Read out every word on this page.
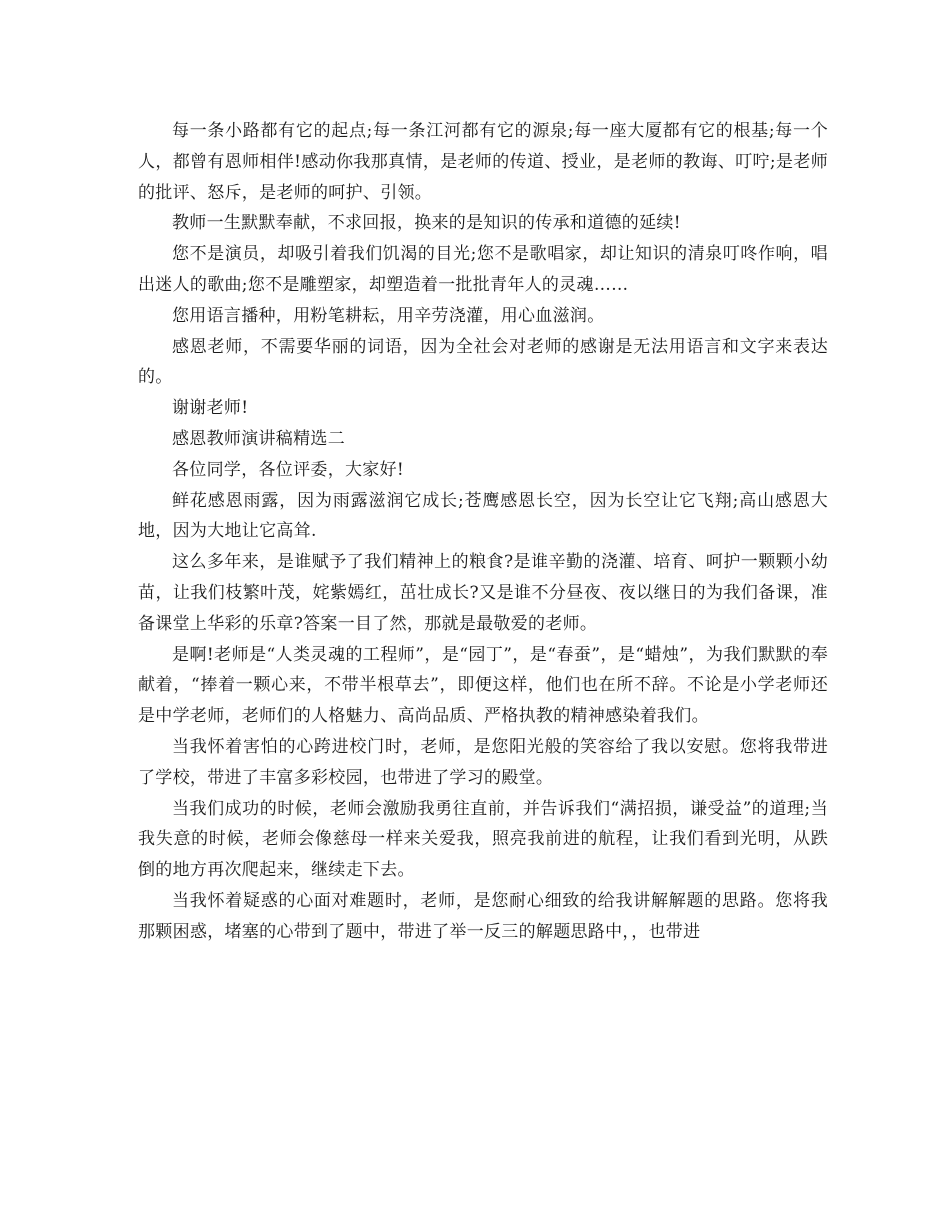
每一条小路都有它的起点;每一条江河都有它的源泉;每一座大厦都有它的根基;每一个人，都曾有恩师相伴!感动你我那真情，是老师的传道、授业，是老师的教诲、叮咛;是老师的批评、怒斥，是老师的呵护、引领。

教师一生默默奉献，不求回报，换来的是知识的传承和道德的延续!

您不是演员，却吸引着我们饥渴的目光;您不是歌唱家，却让知识的清泉叮咚作响，唱出迷人的歌曲;您不是雕塑家，却塑造着一批批青年人的灵魂……

您用语言播种，用粉笔耕耘，用辛劳浇灌，用心血滋润。

感恩老师，不需要华丽的词语，因为全社会对老师的感谢是无法用语言和文字来表达的。

谢谢老师!

感恩教师演讲稿精选二

各位同学，各位评委，大家好!

鲜花感恩雨露，因为雨露滋润它成长;苍鹰感恩长空，因为长空让它飞翔;高山感恩大地，因为大地让它高耸.

这么多年来，是谁赋予了我们精神上的粮食?是谁辛勤的浇灌、培育、呵护一颗颗小幼苗，让我们枝繁叶茂，姹紫嫣红，茁壮成长?又是谁不分昼夜、夜以继日的为我们备课，准备课堂上华彩的乐章?答案一目了然，那就是最敬爱的老师。

是啊!老师是“人类灵魂的工程师”，是“园丁”，是“春蚕”，是“蜡烛”，为我们默默的奉献着，“捧着一颗心来，不带半根草去”，即便这样，他们也在所不辞。不论是小学老师还是中学老师，老师们的人格魅力、高尚品质、严格执教的精神感染着我们。

当我怀着害怕的心跨进校门时，老师，是您阳光般的笑容给了我以安慰。您将我带进了学校，带进了丰富多彩校园，也带进了学习的殿堂。

当我们成功的时候，老师会激励我勇往直前，并告诉我们“满招损，谦受益”的道理;当我失意的时候，老师会像慈母一样来关爱我，照亮我前进的航程，让我们看到光明，从跌倒的地方再次爬起来，继续走下去。

当我怀着疑惑的心面对难题时，老师，是您耐心细致的给我讲解解题的思路。您将我那颗困惑，堵塞的心带到了题中，带进了举一反三的解题思路中，，也带进
